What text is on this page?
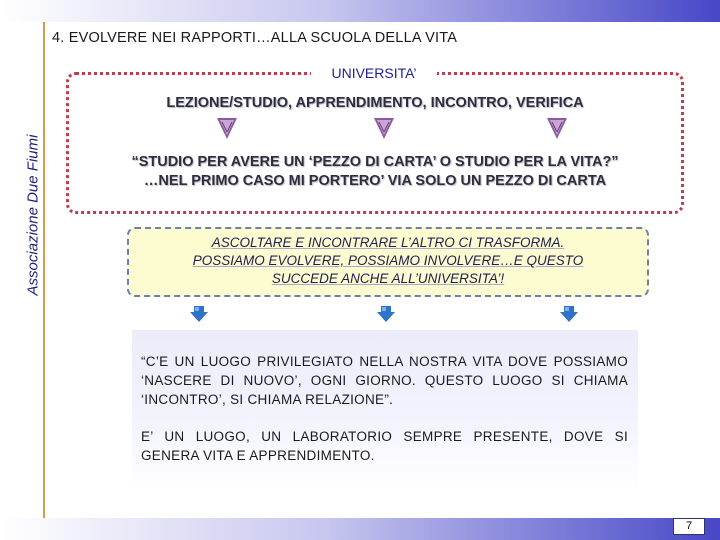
Associazione Due Fiumi
4. EVOLVERE NEI RAPPORTI…ALLA SCUOLA DELLA VITA
UNIVERSITA’
LEZIONE/STUDIO, APPRENDIMENTO, INCONTRO, VERIFICA
“STUDIO PER AVERE UN ‘PEZZO DI CARTA’ O STUDIO PER LA VITA?”
…NEL PRIMO CASO MI PORTERO’ VIA SOLO UN PEZZO DI CARTA
ASCOLTARE E INCONTRARE L’ALTRO CI TRASFORMA.
POSSIAMO EVOLVERE, POSSIAMO INVOLVERE…E QUESTO
SUCCEDE ANCHE ALL’UNIVERSITA’!
“C’E UN LUOGO PRIVILEGIATO NELLA NOSTRA VITA DOVE POSSIAMO ‘NASCERE DI NUOVO’, OGNI GIORNO. QUESTO LUOGO SI CHIAMA ‘INCONTRO’, SI CHIAMA RELAZIONE”.
E’ UN LUOGO, UN LABORATORIO SEMPRE PRESENTE, DOVE SI GENERA VITA E APPRENDIMENTO.
7
